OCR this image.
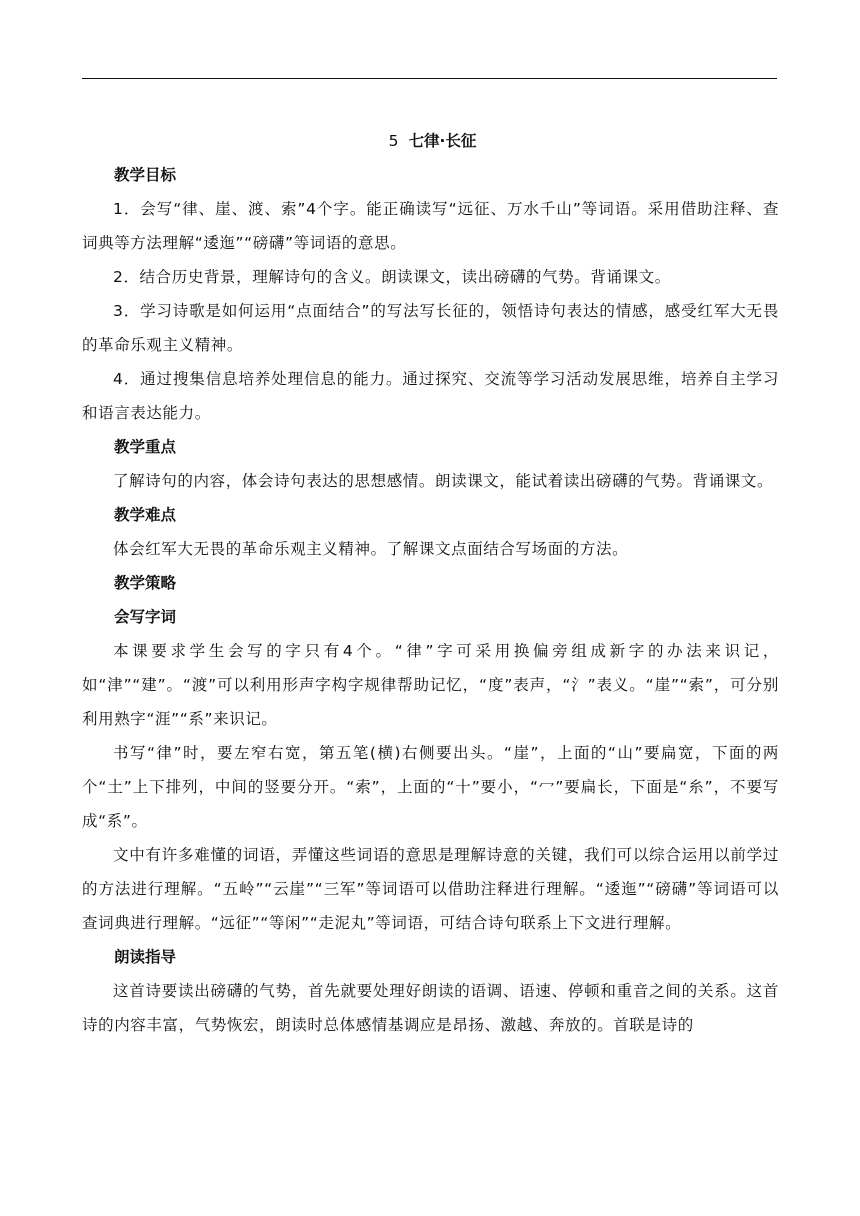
5 七律·长征
教学目标

1．会写“律、崖、渡、索”4个字。能正确读写“远征、万水千山”等词语。采用借助注释、查词典等方法理解“逶迤”“磅礴”等词语的意思。

2．结合历史背景，理解诗句的含义。朗读课文，读出磅礴的气势。背诵课文。

3．学习诗歌是如何运用“点面结合”的写法写长征的，领悟诗句表达的情感，感受红军大无畏的革命乐观主义精神。

4．通过搜集信息培养处理信息的能力。通过探究、交流等学习活动发展思维，培养自主学习和语言表达能力。

教学重点

了解诗句的内容，体会诗句表达的思想感情。朗读课文，能试着读出磅礴的气势。背诵课文。

教学难点

体会红军大无畏的革命乐观主义精神。了解课文点面结合写场面的方法。

教学策略
会写字词

本课要求学生会写的字只有4个。“律”字可采用换偏旁组成新字的办法来识记，如“津”“建”。“渡”可以利用形声字构字规律帮助记忆，“度”表声，“氵”表义。“崖”“索”，可分别利用熟字“涯”“系”来识记。

书写“律”时，要左窄右宽，第五笔(横)右侧要出头。“崖”，上面的“山”要扁宽，下面的两个“土”上下排列，中间的竖要分开。“索”，上面的“十”要小，“冖”要扁长，下面是“糸”，不要写成“系”。

文中有许多难懂的词语，弄懂这些词语的意思是理解诗意的关键，我们可以综合运用以前学过的方法进行理解。“五岭”“云崖”“三军”等词语可以借助注释进行理解。“逶迤”“磅礴”等词语可以查词典进行理解。“远征”“等闲”“走泥丸”等词语，可结合诗句联系上下文进行理解。

朗读指导

这首诗要读出磅礴的气势，首先就要处理好朗读的语调、语速、停顿和重音之间的关系。这首诗的内容丰富，气势恢宏，朗读时总体感情基调应是昂扬、激越、奔放的。首联是诗的
